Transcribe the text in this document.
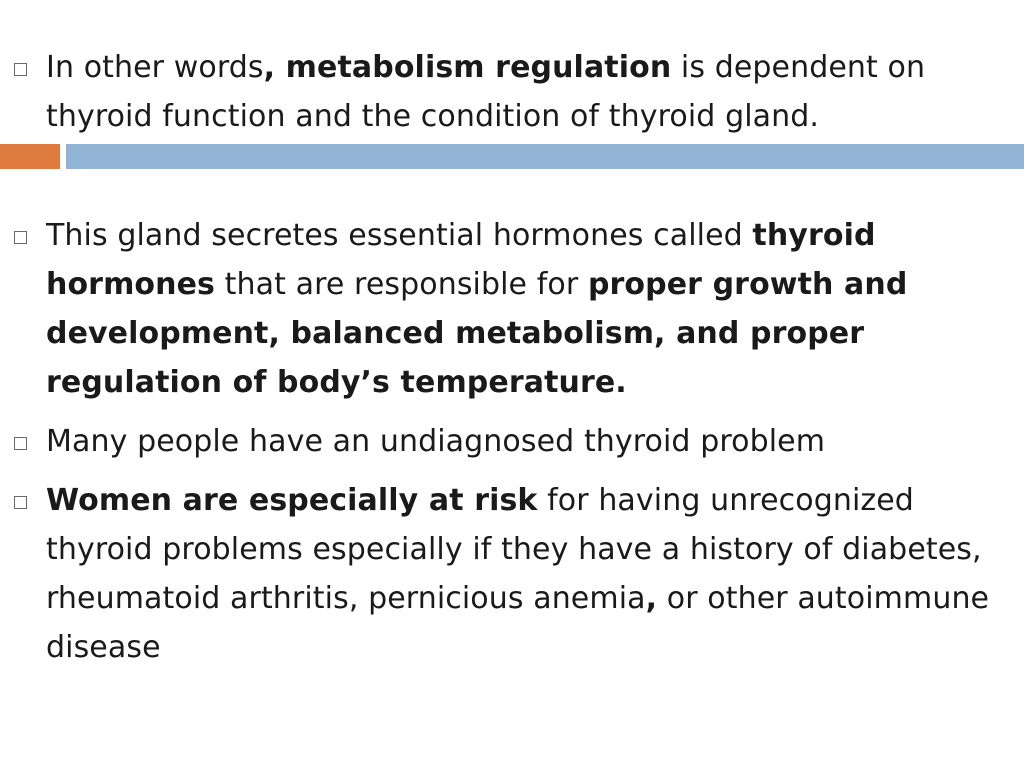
In other words, metabolism regulation is dependent on thyroid function and the condition of thyroid gland.

This gland secretes essential hormones called thyroid hormones that are responsible for proper growth and development, balanced metabolism, and proper regulation of body’s temperature.

Many people have an undiagnosed thyroid problem

Women are especially at risk for having unrecognized thyroid problems especially if they have a history of diabetes, rheumatoid arthritis, pernicious anemia, or other autoimmune disease
